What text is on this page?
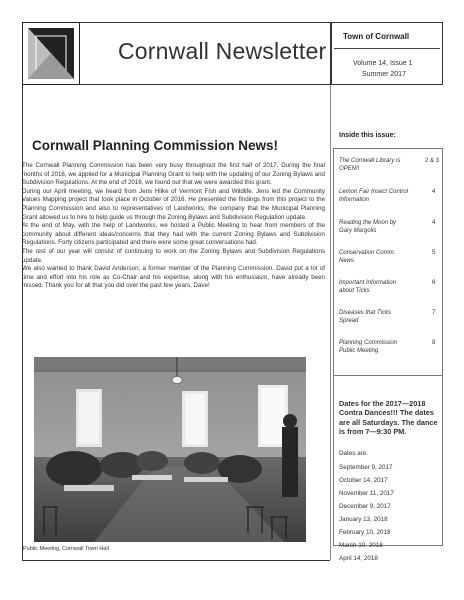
Cornwall Newsletter
Town of Cornwall
Volume 14, Issue 1
Summer 2017
Cornwall Planning Commission News!

The Cornwall Planning Commission has been very busy throughout the first half of 2017. During the final months of 2016, we applied for a Municipal Planning Grant to help with the updating of our Zoning Bylaws and Subdivision Regulations. At the end of 2016, we found out that we were awarded this grant.

During our April meeting, we heard from Jens Hilke of Vermont Fish and Wildlife. Jens led the Community Values Mapping project that took place in October of 2016. He presented the findings from this project to the Planning Commission and also to representatives of Landworks, the company that the Municipal Planning Grant allowed us to hire to help guide us through the Zoning Bylaws and Subdivision Regulation update.

At the end of May, with the help of Landworks, we hosted a Public Meeting to hear from members of the community about different ideas/concerns that they had with the current Zoning Bylaws and Subdivision Regulations. Forty citizens participated and there were some great conversations had.

The rest of our year will consist of continuing to work on the Zoning Bylaws and Subdivision Regulations update.

We also wanted to thank David Anderson, a former member of the Planning Commission. David put a lot of time and effort into his role as Co-Chair and his expertise, along with his enthusiasm, have already been missed. Thank you for all that you did over the past few years, Dave!

Public Meeting, Cornwall Town Hall
Inside this issue:
The Cornwall Library is OPEN!!
2 & 3
Lemon Fair Insect Control Information
4
Reading the Moon by Gary Margolis
4
Conservation Comm. News
5
Important Information about Ticks
6
Diseases that Ticks Spread
7
Planning Commission Public Meeting
8
Dates for the 2017—2018 Contra Dances!!! The dates are all Saturdays. The dance is from 7—9:30 PM.
Dates are:
September 9, 2017
October 14, 2017
November 11, 2017
December 9, 2017
January 13, 2018
February 10, 2018
March 10, 2018
April 14, 2018
